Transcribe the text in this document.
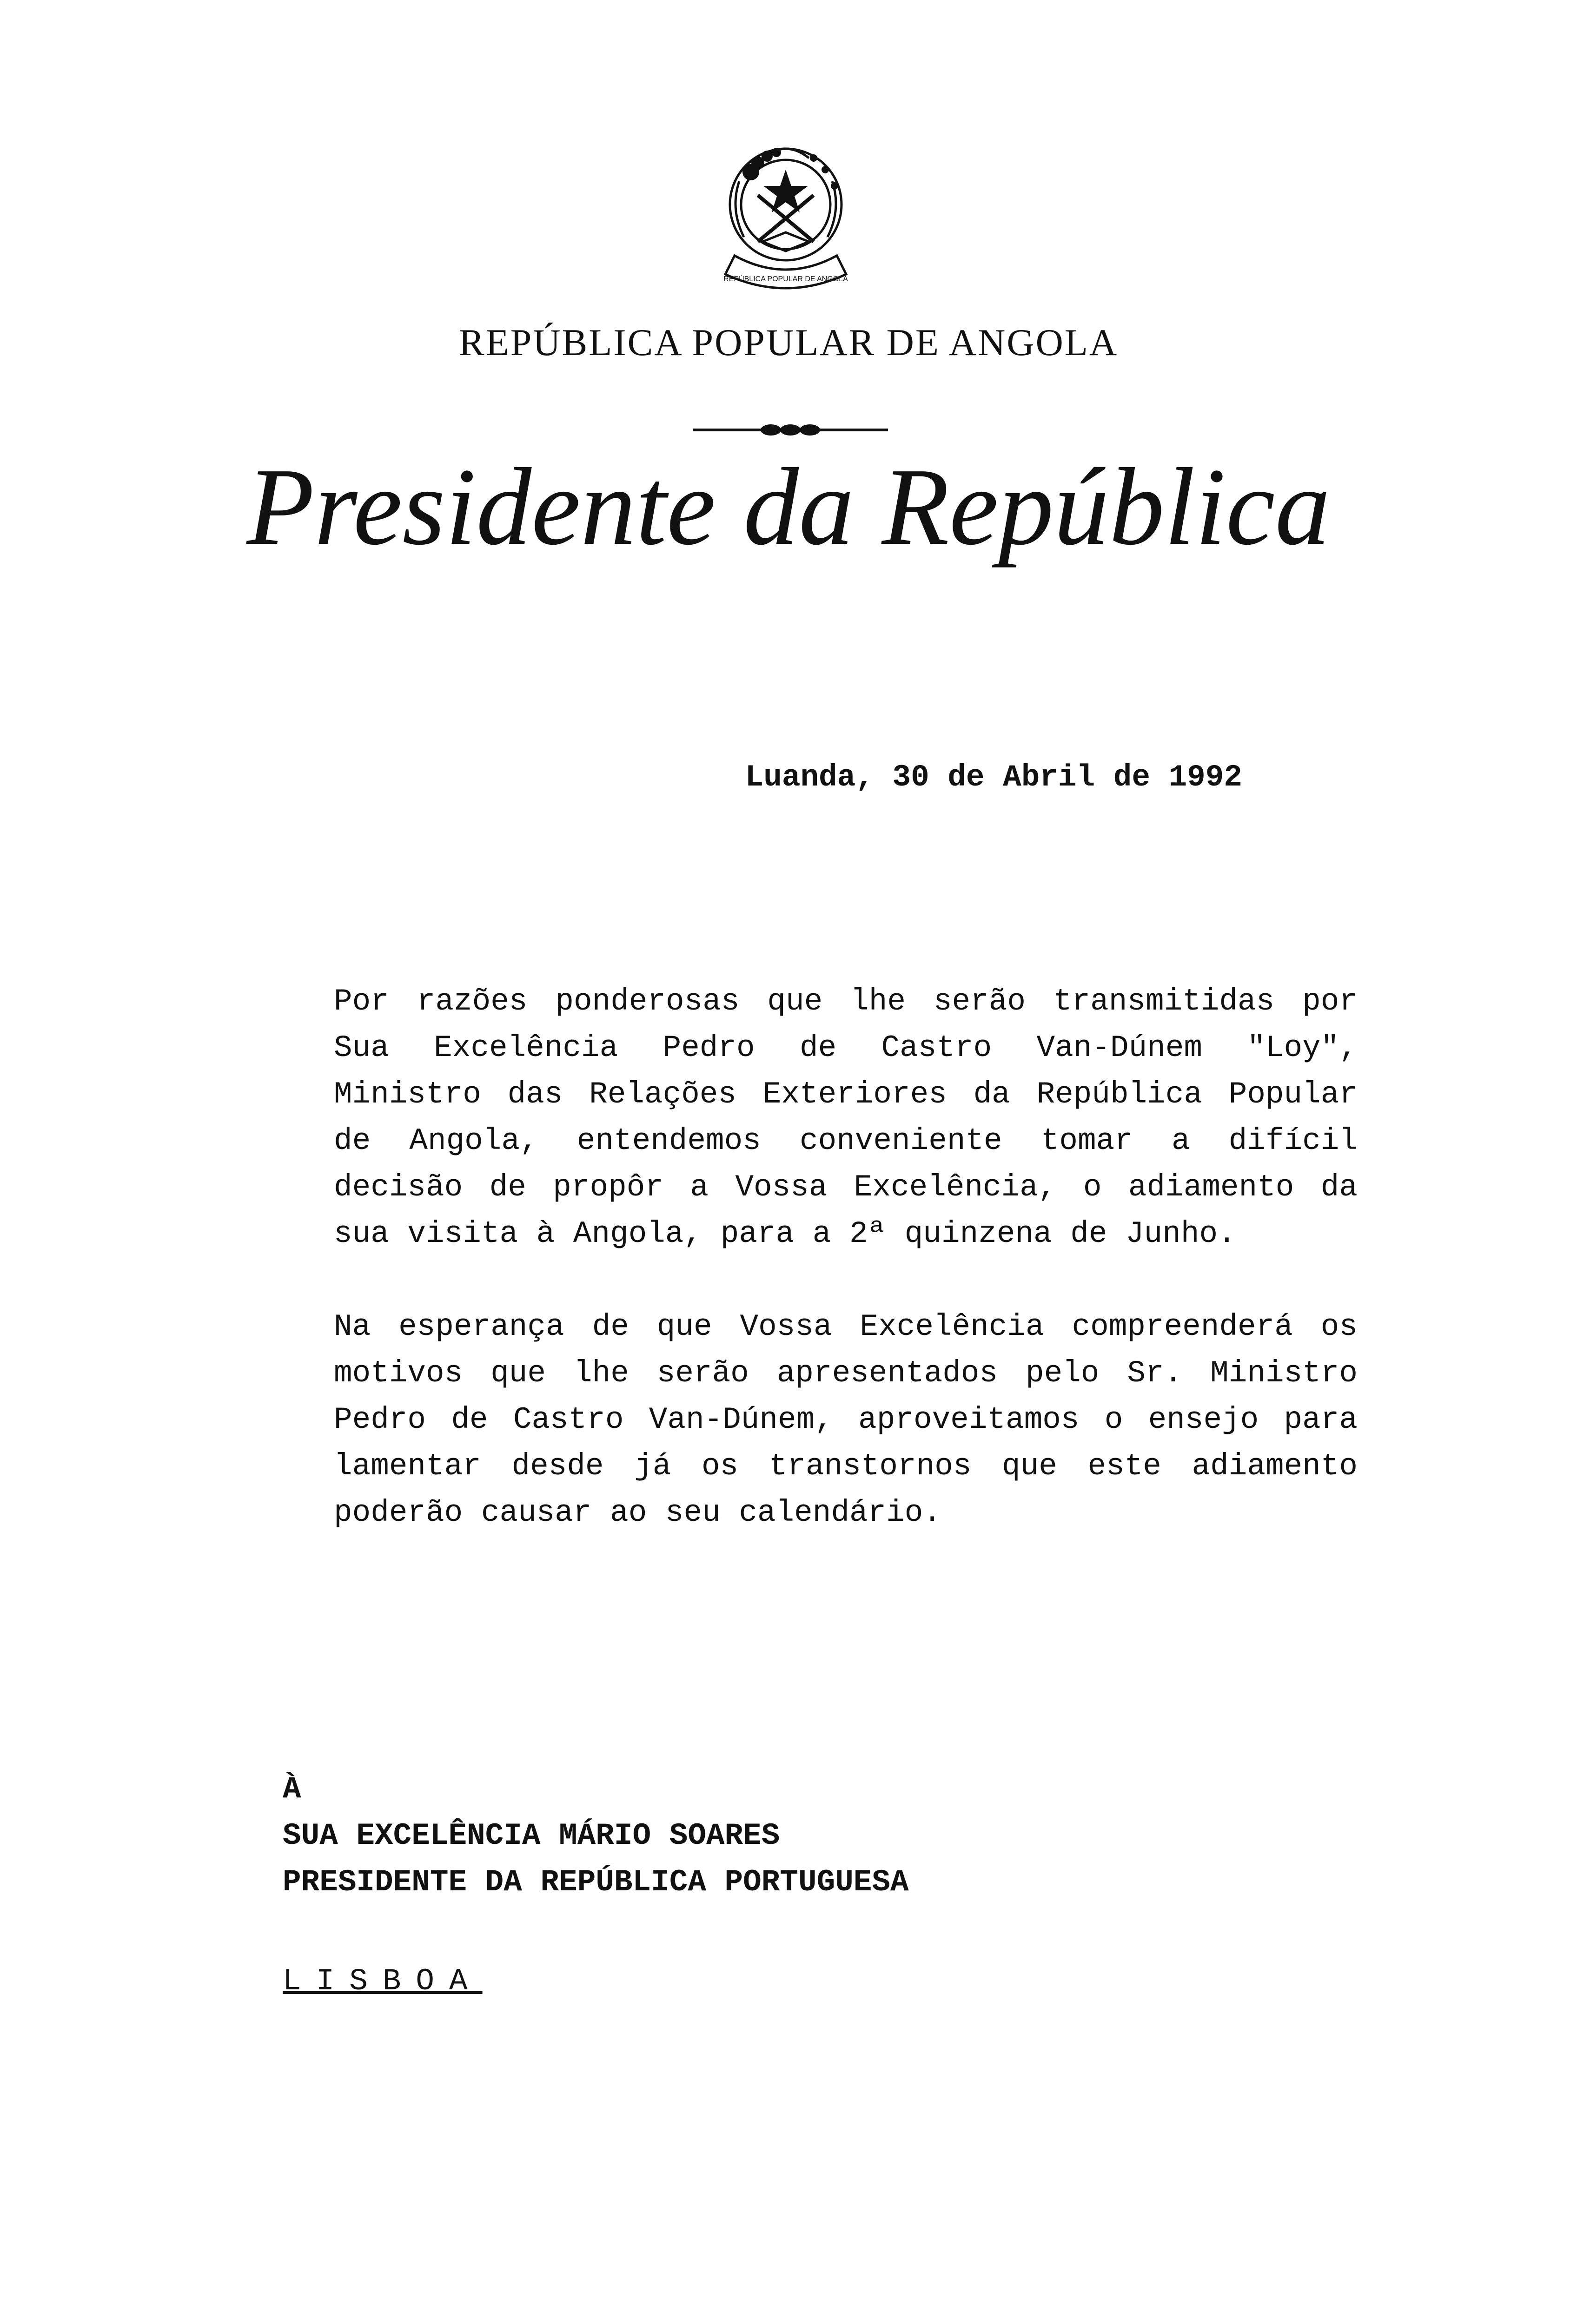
REPÚBLICA POPULAR DE ANGOLA
REPÚBLICA POPULAR DE ANGOLA
Presidente da República
Luanda, 30 de Abril de 1992

Por razões ponderosas que lhe serão transmitidas por Sua Excelência Pedro de Castro Van-Dúnem "Loy", Ministro das Relações Exteriores da República Popular de Angola, entendemos conveniente tomar a difícil decisão de propôr a Vossa Excelência, o adiamento da sua visita à Angola, para a 2ª quinzena de Junho.

Na esperança de que Vossa Excelência compreenderá os motivos que lhe serão apresentados pelo Sr. Ministro Pedro de Castro Van-Dúnem, aproveitamos o ensejo para lamentar desde já os transtornos que este adiamento poderão causar ao seu calendário.

À
SUA EXCELÊNCIA MÁRIO SOARES
PRESIDENTE DA REPÚBLICA PORTUGUESA
LISBOA
